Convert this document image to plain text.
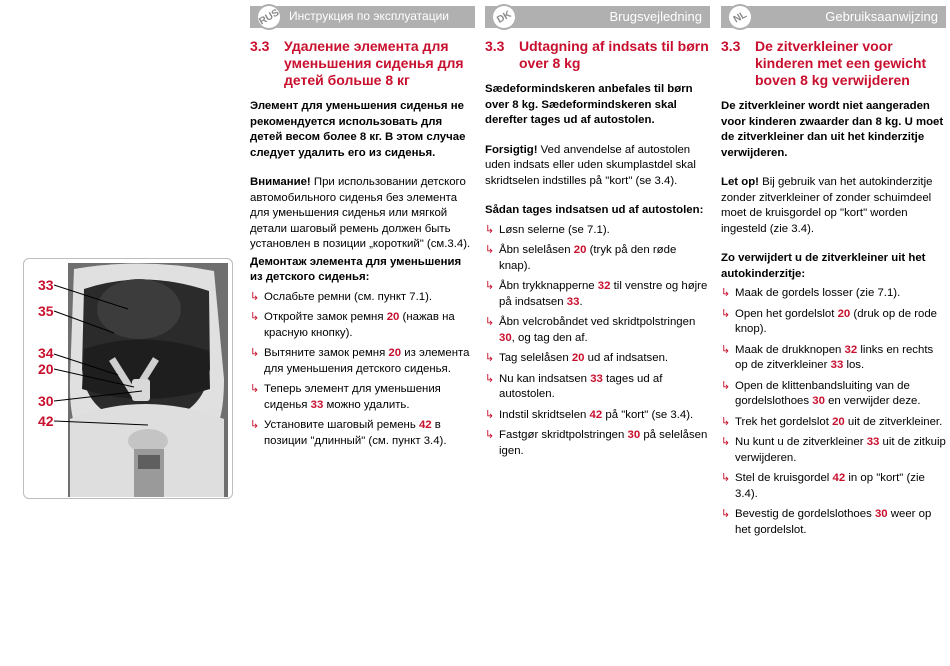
33
35
34
20
30
42
RUS Инструкция по эксплуатации
3.3	Удаление элемента для уменьшения сиденья для детей больше 8 кг

Элемент для уменьшения сиденья не рекомендуется использовать для детей весом более 8 кг. В этом случае следует удалить его из сиденья.

Внимание! При использовании детского автомобильного сиденья без элемента для уменьшения сиденья или мягкой детали шаговый ремень должен быть установлен в позиции „короткий" (см.3.4).

Демонтаж элемента для уменьшения из детского сиденья:

↳ Ослабьте ремни (см. пункт 7.1).
↳ Откройте замок ремня 20 (нажав на красную кнопку).
↳ Вытяните замок ремня 20 из элемента для уменьшения детского сиденья.
↳ Теперь элемент для уменьшения сиденья 33 можно удалить.
↳ Установите шаговый ремень 42 в позиции "длинный" (см. пункт 3.4).
DK	Brugsvejledning
3.3	Udtagning af indsats til børn over 8 kg

Sædeformindskeren anbefales til børn over 8 kg. Sædeformindskeren skal derefter tages ud af autostolen.

Forsigtig! Ved anvendelse af autostolen uden indsats eller uden skumplastdel skal skridtselen indstilles på "kort" (se 3.4).

Sådan tages indsatsen ud af autostolen:

↳ Løsn selerne (se 7.1).
↳ Åbn selelåsen 20 (tryk på den røde knap).
↳ Åbn trykknapperne 32 til venstre og højre på indsatsen 33.
↳ Åbn velcrobåndet ved skridtpolstringen 30, og tag den af.
↳ Tag selelåsen 20 ud af indsatsen.
↳ Nu kan indsatsen 33 tages ud af autostolen.
↳ Indstil skridtselen 42 på "kort" (se 3.4).
↳ Fastgør skridtpolstringen 30 på selelåsen igen.
NL	Gebruiksaanwijzing
3.3	De zitverkleiner voor kinderen met een gewicht boven 8 kg verwijderen

De zitverkleiner wordt niet aangeraden voor kinderen zwaarder dan 8 kg. U moet de zitverkleiner dan uit het kinderzitje verwijderen.

Let op! Bij gebruik van het autokinderzitje zonder zitverkleiner of zonder schuimdeel moet de kruisgordel op "kort" worden ingesteld (zie 3.4).

Zo verwijdert u de zitverkleiner uit het autokinderzitje:

↳ Maak de gordels losser (zie 7.1).
↳ Open het gordelslot 20 (druk op de rode knop).
↳ Maak de drukknopen 32 links en rechts op de zitverkleiner 33 los.
↳ Open de klittenbandsluiting van de gordelslothoes 30 en verwijder deze.
↳ Trek het gordelslot 20 uit de zitverkleiner.
↳ Nu kunt u de zitverkleiner 33 uit de zitkuip verwijderen.
↳ Stel de kruisgordel 42 in op "kort" (zie 3.4).
↳ Bevestig de gordelslothoes 30 weer op het gordelslot.
